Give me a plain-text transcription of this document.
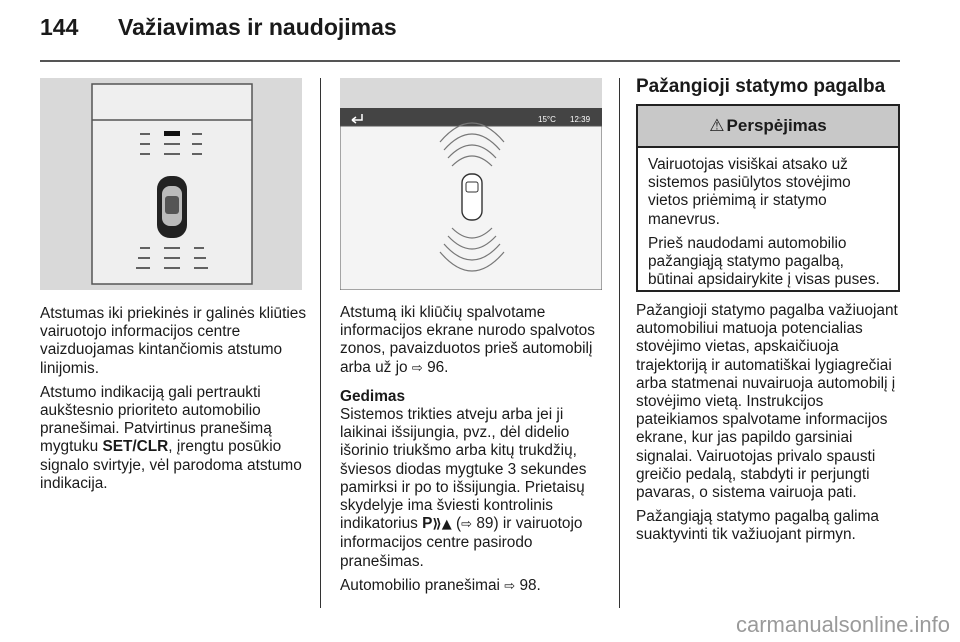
144 Važiavimas ir naudojimas
15°C 12:39

Atstumas iki priekinės ir galinės kliūties vairuotojo informacijos centre vaizduojamas kintančiomis atstumo linijomis.

Atstumo indikaciją gali pertraukti aukštesnio prioriteto automobilio pranešimai. Patvirtinus pranešimą mygtuku SET/CLR, įrengtu posūkio signalo svirtyje, vėl parodoma atstumo indikacija.

Atstumą iki kliūčių spalvotame informacijos ekrane nurodo spalvotos zonos, pavaizduotos prieš automobilį arba už jo ⇨ 96.

Gedimas

Sistemos trikties atveju arba jei ji laikinai išsijungia, pvz., dėl didelio išorinio triukšmo arba kitų trukdžių, šviesos diodas mygtuke 3 sekundes pamirksi ir po to išsijungia. Prietaisų skydelyje ima šviesti kontrolinis indikatorius P⟫▲ (⇨ 89) ir vairuotojo informacijos centre pasirodo pranešimas.

Automobilio pranešimai ⇨ 98.

Pažangioji statymo pagalba
⚠ Perspėjimas

Vairuotojas visiškai atsako už sistemos pasiūlytos stovėjimo vietos priėmimą ir statymo manevrus.

Prieš naudodami automobilio pažangiąją statymo pagalbą, būtinai apsidairykite į visas puses.

Pažangioji statymo pagalba važiuojant automobiliui matuoja potencialias stovėjimo vietas, apskaičiuoja trajektoriją ir automatiškai lygiagrečiai arba statmenai nuvairuoja automobilį į stovėjimo vietą. Instrukcijos pateikiamos spalvotame informacijos ekrane, kur jas papildo garsiniai signalai. Vairuotojas privalo spausti greičio pedalą, stabdyti ir perjungti pavaras, o sistema vairuoja pati.

Pažangiąją statymo pagalbą galima suaktyvinti tik važiuojant pirmyn.

carmanualsonline.info
